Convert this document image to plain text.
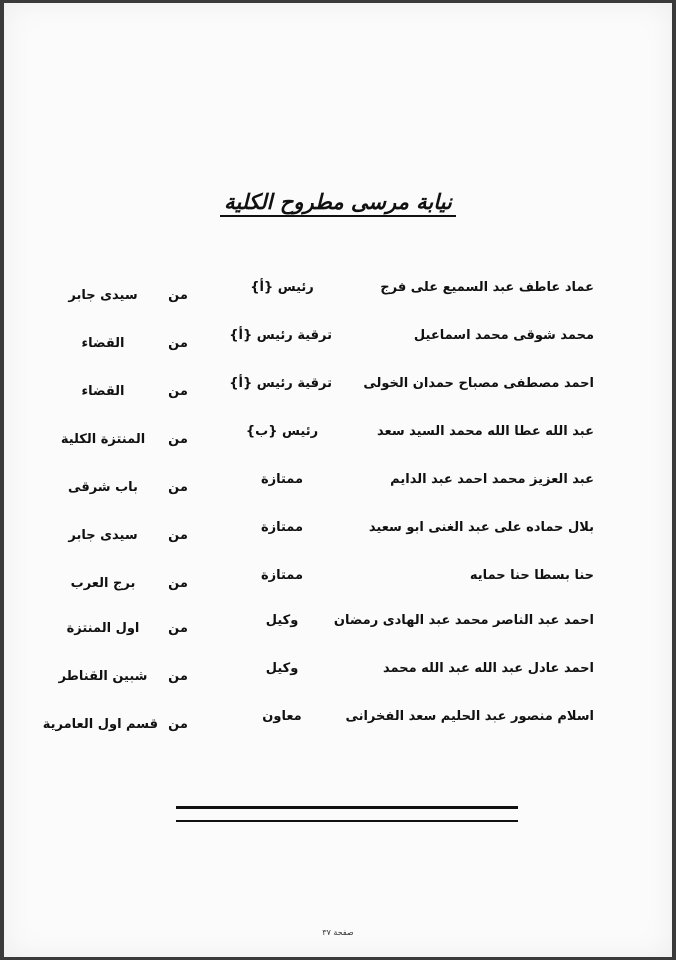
نيابة مرسى مطروح الكلية
عماد عاطف عبد السميع على فرج
رئيس {أ}
من
سيدى جابر
محمد شوقى محمد اسماعيل
ترقية رئيس {أ}
من
القضاء
احمد مصطفى مصباح حمدان الخولى
ترقية رئيس {أ}
من
القضاء
عبد الله عطا الله محمد السيد سعد
رئيس {ب}
من
المنتزة الكلية
عبد العزيز محمد احمد عبد الدايم
ممتازة
من
باب شرقى
بلال حماده على عبد الغنى ابو سعيد
ممتازة
من
سيدى جابر
حنا بسطا حنا حمايه
ممتازة
من
برج العرب
احمد عبد الناصر محمد عبد الهادى رمضان
وكيل
من
اول المنتزة
احمد عادل عبد الله عبد الله محمد
وكيل
من
شبين القناطر
اسلام منصور عبد الحليم سعد الفخرانى
معاون
من
قسم اول العامرية
صفحة ٣٧
